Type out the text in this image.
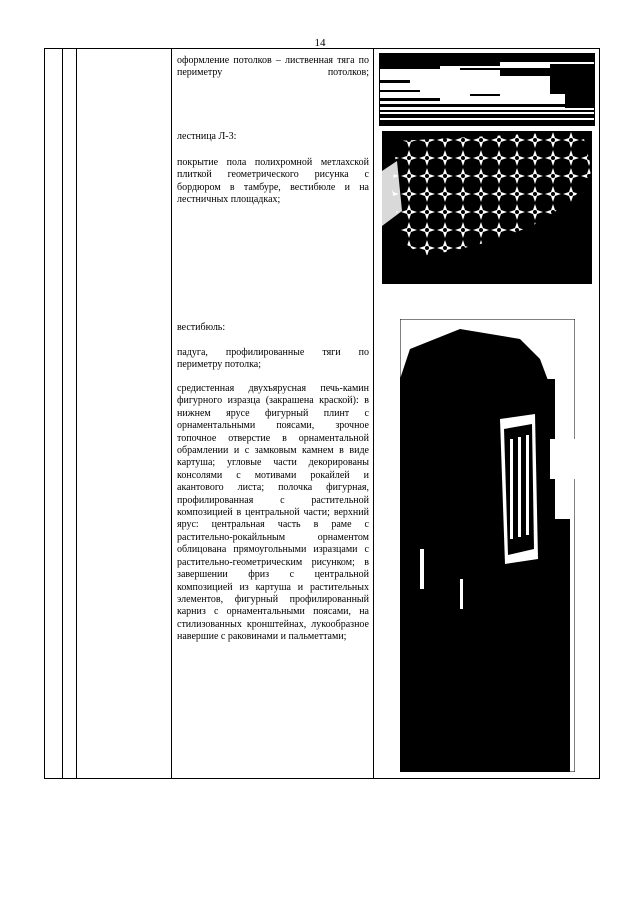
14

оформление потолков – лиственная тяга по периметру потолков;

лестница Л-3:

покрытие пола полихромной метлахской плиткой геометрического рисунка с бордюром в тамбуре, вестибюле и на лестничных площадках;

вестибюль:

падуга, профилированные тяги по периметру потолка;

средистенная двухъярусная печь-камин фигурного изразца (закрашена краской): в нижнем ярусе фигурный плинт с орнаментальными поясами, зрочное топочное отверстие в орнаментальной обрамлении и с замковым камнем в виде картуша; угловые части декорированы консолями с мотивами рокайлей и акантового листа; полочка фигурная, профилированная с растительной композицией в центральной части; верхний ярус: центральная часть в раме с растительно-рокайльным орнаментом облицована прямоугольными изразцами с растительно-геометрическим рисунком; в завершении фриз с центральной композицией из картуша и растительных элементов, фигурный профилированный карниз с орнаментальными поясами, на стилизованных кронштейнах, лукообразное навершие с раковинами и пальметтами;
